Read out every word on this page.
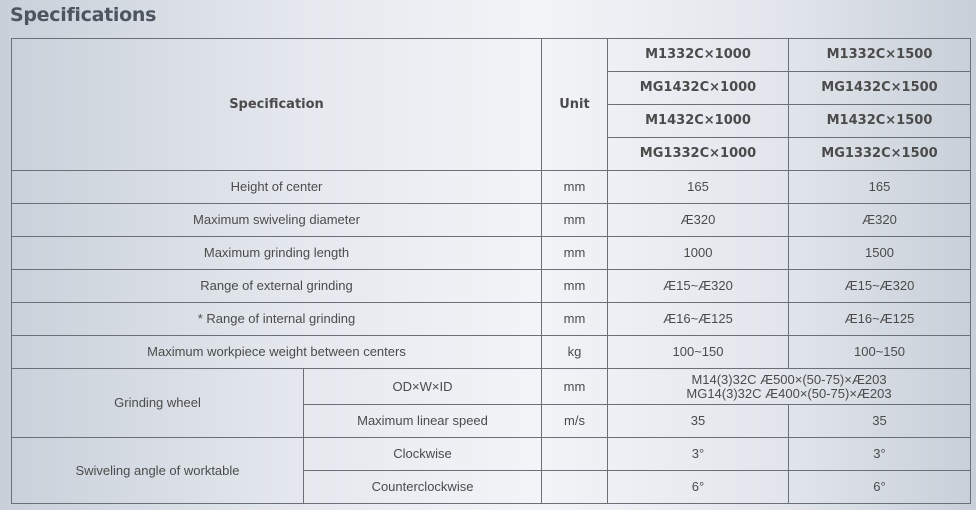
Specifications
Specification		Unit	M1332C×1000	M1332C×1500
			MG1432C×1000	MG1432C×1500
			M1432C×1000	M1432C×1500
			MG1332C×1000	MG1332C×1500
Height of center		mm	165	165
Maximum swiveling diameter		mm	Æ320	Æ320
Maximum grinding length		mm	1000	1500
Range of external grinding		mm	Æ15~Æ320	Æ15~Æ320
* Range of internal grinding		mm	Æ16~Æ125	Æ16~Æ125
Maximum workpiece weight between centers		kg	100~150	100~150
Grinding wheel	OD×W×ID	mm	M14(3)32C Æ500×(50-75)×Æ203
MG14(3)32C Æ400×(50-75)×Æ203	

	Maximum linear speed	m/s	35	35
Swiveling angle of worktable	Clockwise		3°	3°
	Counterclockwise		6°	6°
